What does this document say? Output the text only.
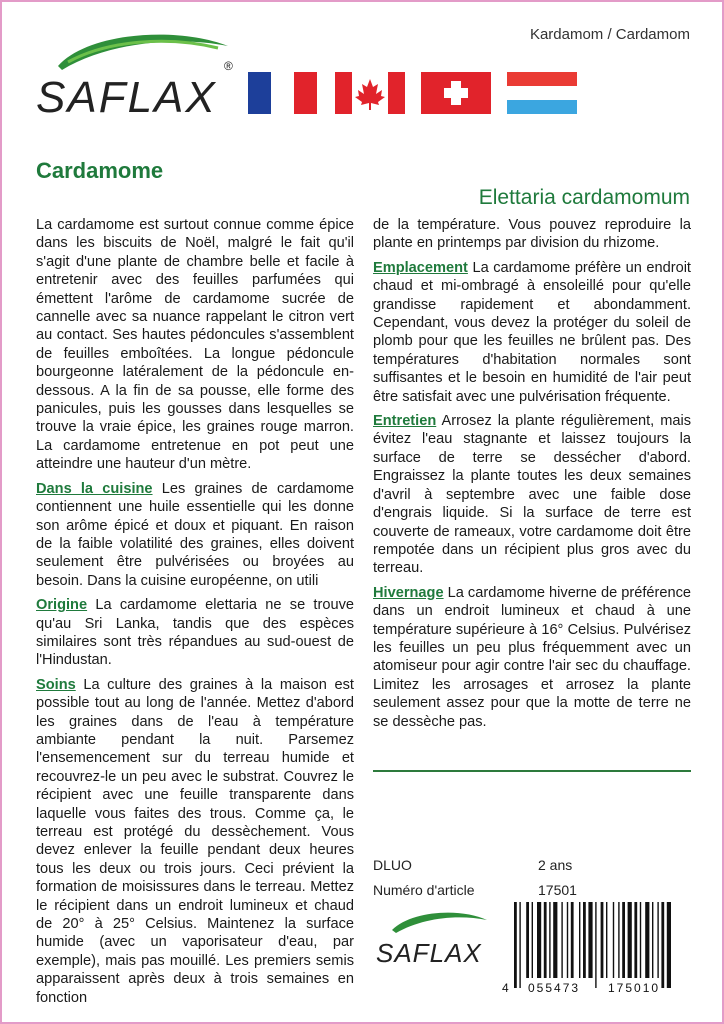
SAFLAX
®
Kardamom / Cardamom
Cardamome
Elettaria cardamomum

La cardamome est surtout connue comme épice dans les biscuits de Noël, malgré le fait qu'il s'agit d'une plante de chambre belle et facile à entretenir avec des feuilles parfumées qui émettent l'arôme de cardamome sucrée de cannelle avec sa nuance rappelant le citron vert au contact. Ses hautes pédoncules s'assemblent de feuilles emboîtées. La longue pédoncule bourgeonne latéralement de la pédoncule en-dessous. A la fin de sa pousse, elle forme des panicules, puis les gousses dans lesquelles se trouve la vraie épice, les graines rouge marron. La cardamome entretenue en pot peut une atteindre une hauteur d'un mètre.

Dans la cuisine Les graines de cardamome contiennent une huile essentielle qui les donne son arôme épicé et doux et piquant. En raison de la faible volatilité des graines, elles doivent seulement être pulvérisées ou broyées au besoin. Dans la cuisine européenne, on utili

Origine La cardamome elettaria ne se trouve qu'au Sri Lanka, tandis que des espèces similaires sont très répandues au sud-ouest de l'Hindustan.

Soins La culture des graines à la maison est possible tout au long de l'année. Mettez d'abord les graines dans de l'eau à température ambiante pendant la nuit. Parsemez l'ensemencement sur du terreau humide et recouvrez-le un peu avec le substrat. Couvrez le récipient avec une feuille transparente dans laquelle vous faites des trous. Comme ça, le terreau est protégé du dessèchement. Vous devez enlever la feuille pendant deux heures tous les deux ou trois jours. Ceci prévient la formation de moisissures dans le terreau. Mettez le récipient dans un endroit lumineux et chaud de 20° à 25° Celsius. Maintenez la surface humide (avec un vaporisateur d'eau, par exemple), mais pas mouillé. Les premiers semis apparaissent après deux à trois semaines en fonction

de la température. Vous pouvez reproduire la plante en printemps par division du rhizome.

Emplacement La cardamome préfère un endroit chaud et mi-ombragé à ensoleillé pour qu'elle grandisse rapidement et abondamment. Cependant, vous devez la protéger du soleil de plomb pour que les feuilles ne brûlent pas. Des températures d'habitation normales sont suffisantes et le besoin en humidité de l'air peut être satisfait avec une pulvérisation fréquente.

Entretien Arrosez la plante régulièrement, mais évitez l'eau stagnante et laissez toujours la surface de terre se dessécher d'abord. Engraissez la plante toutes les deux semaines d'avril à septembre avec une faible dose d'engrais liquide. Si la surface de terre est couverte de rameaux, votre cardamome doit être rempotée dans un récipient plus gros avec du terreau.

Hivernage La cardamome hiverne de préférence dans un endroit lumineux et chaud à une température supérieure à 16° Celsius. Pulvérisez les feuilles un peu plus fréquemment avec un atomiseur pour agir contre l'air sec du chauffage. Limitez les arrosages et arrosez la plante seulement assez pour que la motte de terre ne se dessèche pas.

DLUO	2 ans
Numéro d'article	17501
SAFLAX
4 055473 175010
